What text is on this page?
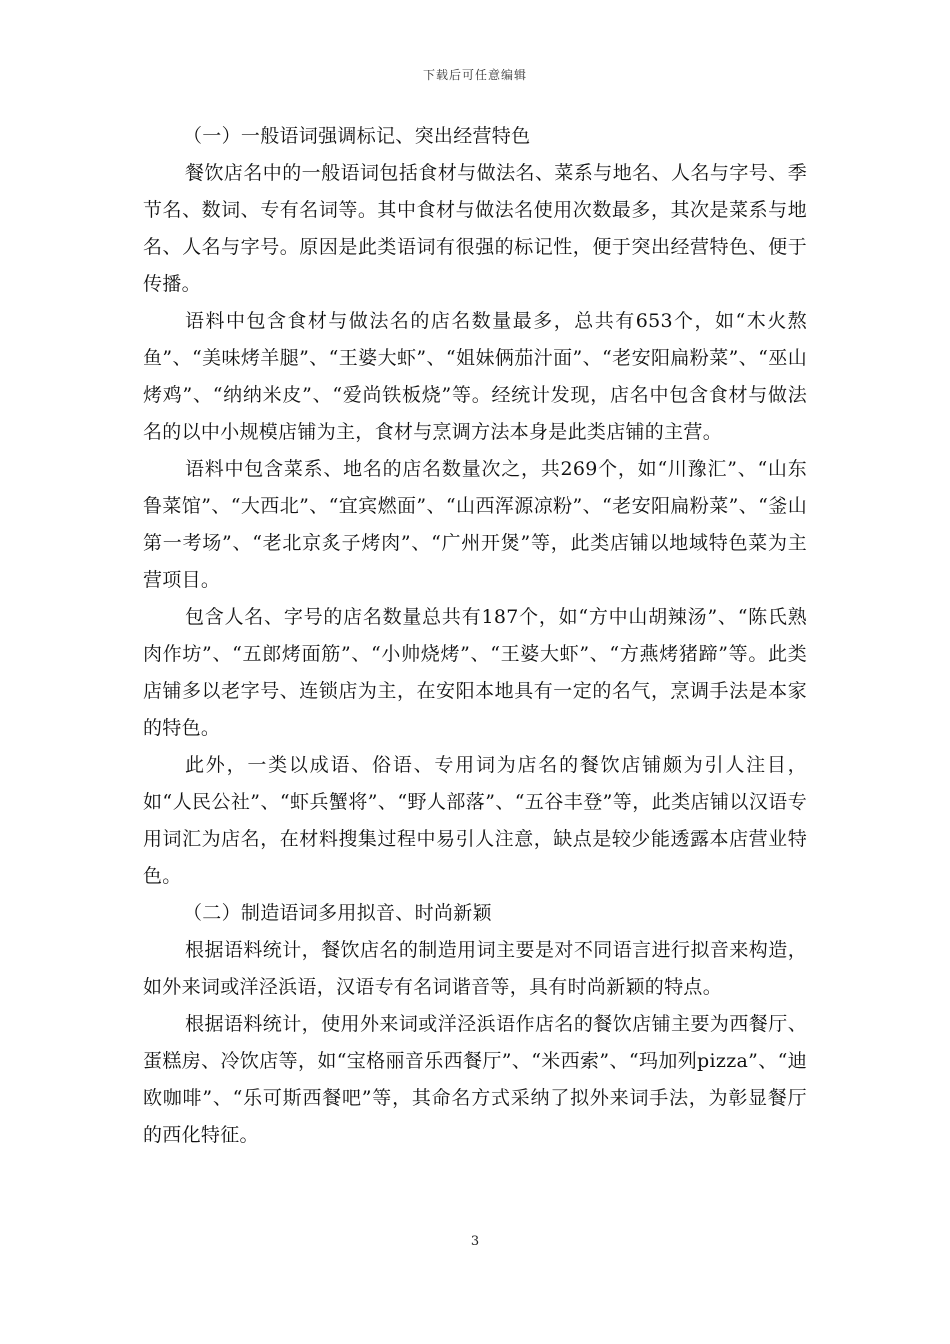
下载后可任意编辑

（一）一般语词强调标记、突出经营特色

餐饮店名中的一般语词包括食材与做法名、菜系与地名、人名与字号、季节名、数词、专有名词等。其中食材与做法名使用次数最多，其次是菜系与地名、人名与字号。原因是此类语词有很强的标记性，便于突出经营特色、便于传播。

语料中包含食材与做法名的店名数量最多，总共有653个，如“木火熬鱼”、“美味烤羊腿”、“王婆大虾”、“姐妹俩茄汁面”、“老安阳扁粉菜”、“巫山烤鸡”、“纳纳米皮”、“爱尚铁板烧”等。经统计发现，店名中包含食材与做法名的以中小规模店铺为主，食材与烹调方法本身是此类店铺的主营。

语料中包含菜系、地名的店名数量次之，共269个，如“川豫汇”、“山东鲁菜馆”、“大西北”、“宜宾燃面”、“山西浑源凉粉”、“老安阳扁粉菜”、“釜山第一考场”、“老北京炙子烤肉”、“广州开煲”等，此类店铺以地域特色菜为主营项目。

包含人名、字号的店名数量总共有187个，如“方中山胡辣汤”、“陈氏熟肉作坊”、“五郎烤面筋”、“小帅烧烤”、“王婆大虾”、“方燕烤猪蹄”等。此类店铺多以老字号、连锁店为主，在安阳本地具有一定的名气，烹调手法是本家的特色。

此外，一类以成语、俗语、专用词为店名的餐饮店铺颇为引人注目，如“人民公社”、“虾兵蟹将”、“野人部落”、“五谷丰登”等，此类店铺以汉语专用词汇为店名，在材料搜集过程中易引人注意，缺点是较少能透露本店营业特色。

（二）制造语词多用拟音、时尚新颖

根据语料统计，餐饮店名的制造用词主要是对不同语言进行拟音来构造，如外来词或洋泾浜语，汉语专有名词谐音等，具有时尚新颖的特点。

根据语料统计，使用外来词或洋泾浜语作店名的餐饮店铺主要为西餐厅、蛋糕房、冷饮店等，如“宝格丽音乐西餐厅”、“米西索”、“玛加列pizza”、“迪欧咖啡”、“乐可斯西餐吧”等，其命名方式采纳了拟外来词手法，为彰显餐厅的西化特征。

3
